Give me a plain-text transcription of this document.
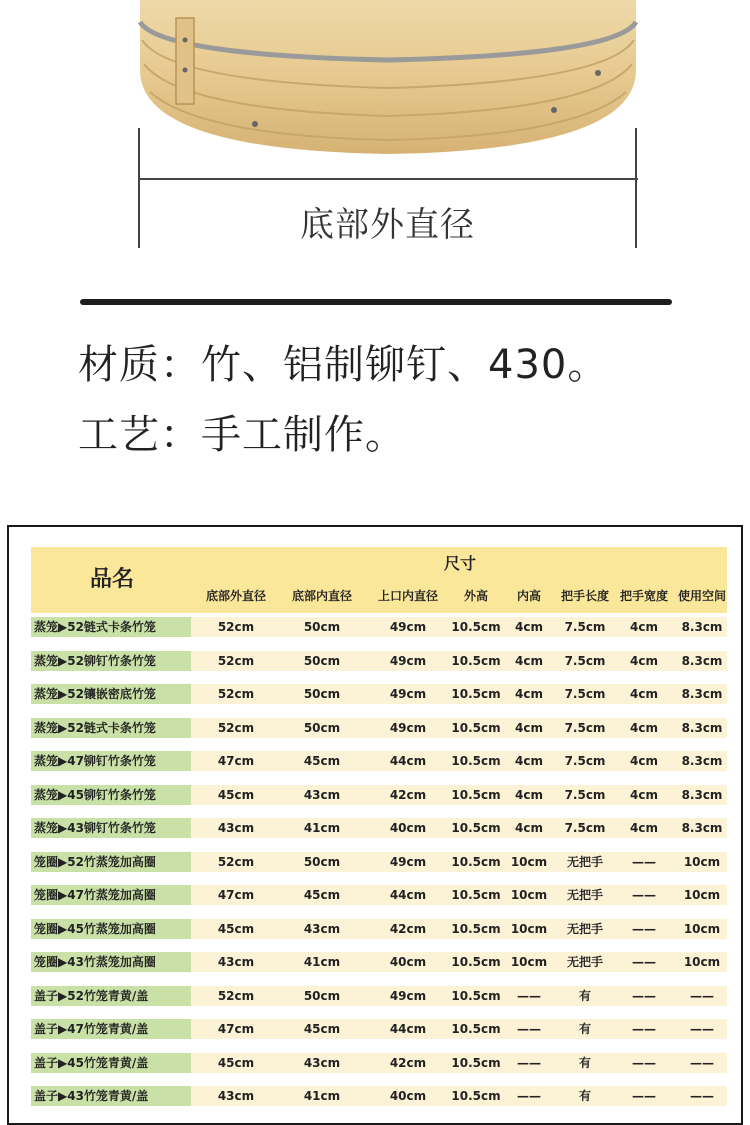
底部外直径
材质：竹、铝制铆钉、430。
工艺：手工制作。
品名
尺寸
底部外直径 底部内直径 上口内直径 外高 内高 把手长度 把手宽度 使用空间
蒸笼▶52链式卡条竹笼	52cm	50cm	49cm 10.5cm 4cm 7.5cm 4cm 8.3cm
蒸笼▶52铆钉竹条竹笼	52cm	50cm	49cm 10.5cm 4cm 7.5cm 4cm 8.3cm
蒸笼▶52镶嵌密底竹笼	52cm	50cm	49cm 10.5cm 4cm 7.5cm 4cm 8.3cm
蒸笼▶52链式卡条竹笼	52cm	50cm	49cm 10.5cm 4cm 7.5cm 4cm 8.3cm
蒸笼▶47铆钉竹条竹笼	47cm	45cm	44cm 10.5cm 4cm 7.5cm 4cm 8.3cm
蒸笼▶45铆钉竹条竹笼	45cm	43cm	42cm 10.5cm 4cm 7.5cm 4cm 8.3cm
蒸笼▶43铆钉竹条竹笼	43cm	41cm	40cm 10.5cm 4cm 7.5cm 4cm 8.3cm
笼圈▶52竹蒸笼加高圈	52cm	50cm	49cm 10.5cm 10cm 无把手 —— 10cm
笼圈▶47竹蒸笼加高圈	47cm	45cm	44cm 10.5cm 10cm 无把手 —— 10cm
笼圈▶45竹蒸笼加高圈	45cm	43cm	42cm 10.5cm 10cm 无把手 —— 10cm
笼圈▶43竹蒸笼加高圈	43cm	41cm	40cm 10.5cm 10cm 无把手 —— 10cm
盖子▶52竹笼青黄/盖	52cm	50cm	49cm 10.5cm ——	有	——	——
盖子▶47竹笼青黄/盖	47cm	45cm	44cm 10.5cm ——	有	——	——
盖子▶45竹笼青黄/盖	45cm	43cm	42cm 10.5cm ——	有	——	——
盖子▶43竹笼青黄/盖	43cm	41cm	40cm 10.5cm ——	有	——	——
